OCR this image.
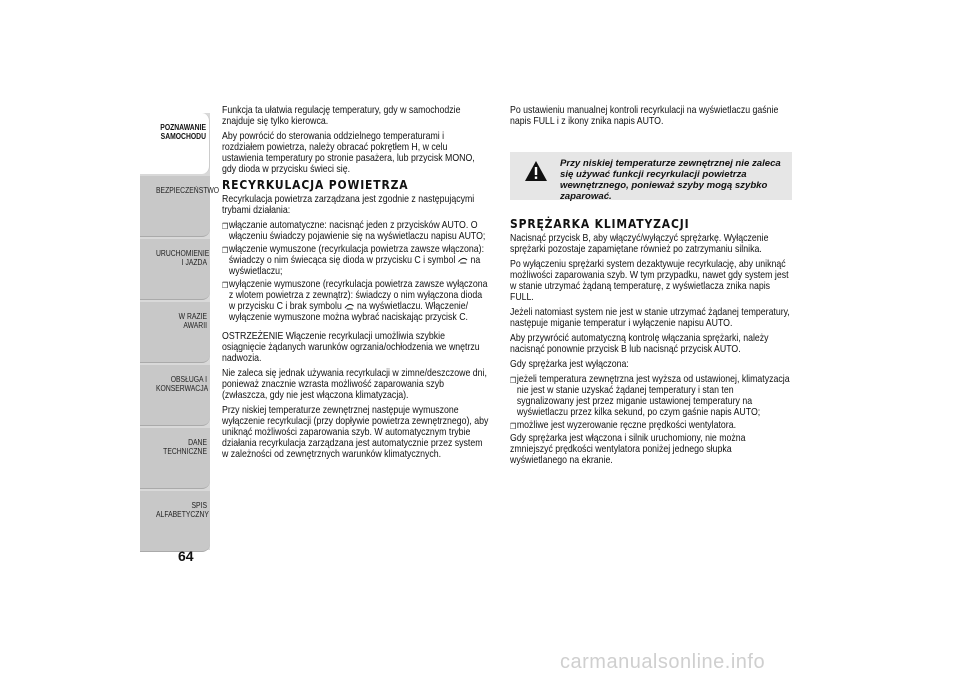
POZNAWANIE SAMOCHODU
BEZPIECZEŃSTWO
URUCHOMIENIE I JAZDA
W RAZIE AWARII
OBSŁUGA I KONSERWACJA
DANE TECHNICZNE
SPIS ALFABETYCZNY
64

Funkcja ta ułatwia regulację temperatury, gdy w samochodzie znajduje się tylko kierowca.

Aby powrócić do sterowania oddzielnego temperaturami i rozdziałem powietrza, należy obracać pokrętłem H, w celu ustawienia temperatury po stronie pasażera, lub przycisk MONO, gdy dioda w przycisku świeci się.

RECYRKULACJA POWIETRZA

Recyrkulacja powietrza zarządzana jest zgodnie z następującymi trybami działania:

❒ włączanie automatyczne: nacisnąć jeden z przycisków AUTO. O włączeniu świadczy pojawienie się na wyświetlaczu napisu AUTO;
❒ włączenie wymuszone (recyrkulacja powietrza zawsze włączona): świadczy o nim świecąca się dioda w przycisku C i symbol na wyświetlaczu;
❒ wyłączenie wymuszone (recyrkulacja powietrza zawsze wyłączona z wlotem powietrza z zewnątrz): świadczy o nim wyłączona dioda w przycisku C i brak symbolu na wyświetlaczu. Włączenie/ wyłączenie wymuszone można wybrać naciskając przycisk C.

OSTRZEŻENIE Włączenie recyrkulacji umożliwia szybkie osiągnięcie żądanych warunków ogrzania/ochłodzenia we wnętrzu nadwozia.

Nie zaleca się jednak używania recyrkulacji w zimne/deszczowe dni, ponieważ znacznie wzrasta możliwość zaparowania szyb (zwłaszcza, gdy nie jest włączona klimatyzacja).

Przy niskiej temperaturze zewnętrznej następuje wymuszone wyłączenie recyrkulacji (przy dopływie powietrza zewnętrznego), aby uniknąć możliwości zaparowania szyb. W automatycznym trybie działania recyrkulacja zarządzana jest automatycznie przez system w zależności od zewnętrznych warunków klimatycznych.

Po ustawieniu manualnej kontroli recyrkulacji na wyświetlaczu gaśnie napis FULL i z ikony znika napis AUTO.

Przy niskiej temperaturze zewnętrznej nie zaleca się używać funkcji recyrkulacji powietrza wewnętrznego, ponieważ szyby mogą szybko zaparować.
SPRĘŻARKA KLIMATYZACJI

Nacisnąć przycisk B, aby włączyć/wyłączyć sprężarkę. Wyłączenie sprężarki pozostaje zapamiętane również po zatrzymaniu silnika.

Po wyłączeniu sprężarki system dezaktywuje recyrkulację, aby uniknąć możliwości zaparowania szyb. W tym przypadku, nawet gdy system jest w stanie utrzymać żądaną temperaturę, z wyświetlacza znika napis FULL.

Jeżeli natomiast system nie jest w stanie utrzymać żądanej temperatury, następuje miganie temperatur i wyłączenie napisu AUTO.

Aby przywrócić automatyczną kontrolę włączania sprężarki, należy nacisnąć ponownie przycisk B lub nacisnąć przycisk AUTO.

Gdy sprężarka jest wyłączona:

❒ jeżeli temperatura zewnętrzna jest wyższa od ustawionej, klimatyzacja nie jest w stanie uzyskać żądanej temperatury i stan ten sygnalizowany jest przez miganie ustawionej temperatury na wyświetlaczu przez kilka sekund, po czym gaśnie napis AUTO;
❒ możliwe jest wyzerowanie ręczne prędkości wentylatora.

Gdy sprężarka jest włączona i silnik uruchomiony, nie można zmniejszyć prędkości wentylatora poniżej jednego słupka wyświetlanego na ekranie.

carmanualsonline.info
